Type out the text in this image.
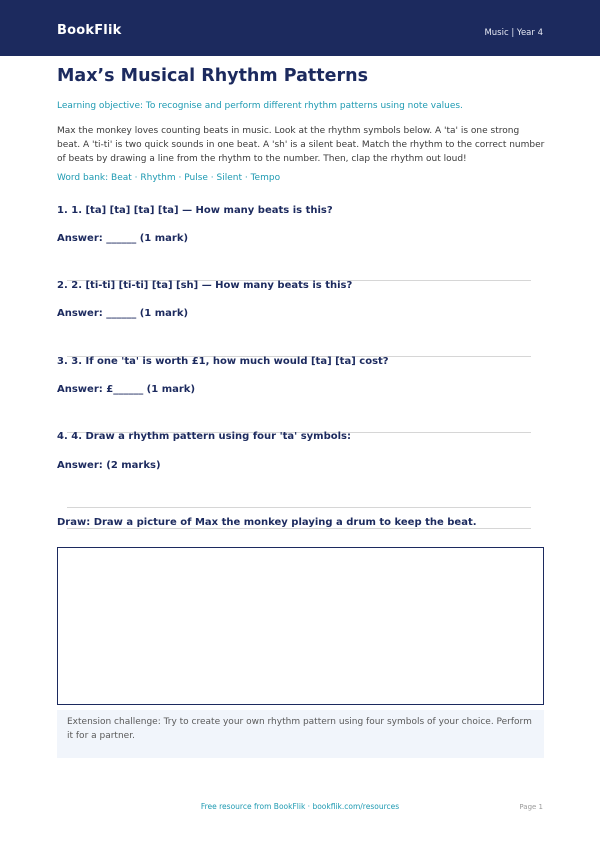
BookFlik	Music | Year 4
Max’s Musical Rhythm Patterns
Learning objective: To recognise and perform different rhythm patterns using note values.
Max the monkey loves counting beats in music. Look at the rhythm symbols below. A 'ta' is one strong beat. A 'ti-ti' is two quick sounds in one beat. A 'sh' is a silent beat. Match the rhythm to the correct number of beats by drawing a line from the rhythm to the number. Then, clap the rhythm out loud!
Word bank: Beat · Rhythm · Pulse · Silent · Tempo
1. 1. [ta] [ta] [ta] [ta] — How many beats is this?
Answer: ______ (1 mark)
2. 2. [ti-ti] [ti-ti] [ta] [sh] — How many beats is this?
Answer: ______ (1 mark)
3. 3. If one 'ta' is worth £1, how much would [ta] [ta] cost?
Answer: £______ (1 mark)
4. 4. Draw a rhythm pattern using four 'ta' symbols:
Answer: (2 marks)
Draw: Draw a picture of Max the monkey playing a drum to keep the beat.
Extension challenge: Try to create your own rhythm pattern using four symbols of your choice. Perform it for a partner.
Free resource from BookFlik · bookflik.com/resources	Page 1
